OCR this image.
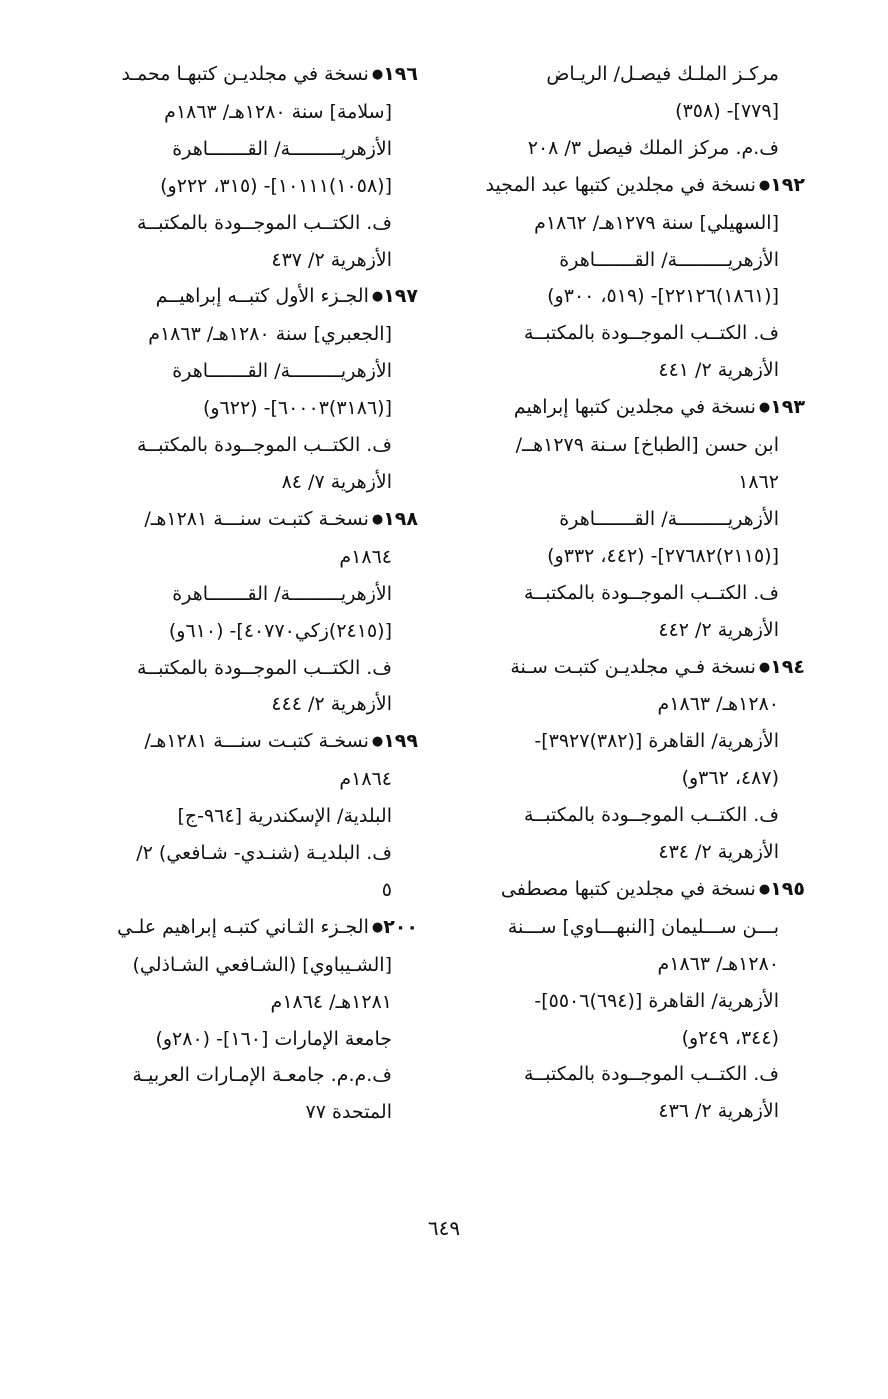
مركـز الملـك فيصـل/ الريـاض
[٧٧٩]- (٣٥٨)
ف.م. مركز الملك فيصل ٣/ ٢٠٨
١٩٢●نسخة في مجلدين كتبها عبد المجيد
[السهيلي] سنة ١٢٧٩هـ/ ١٨٦٢م
الأزهريـــــــــة/ القـــــــاهرة
[(١٨٦١)٢٢١٢٦]- (٥١٩، ٣٠٠و)
ف. الكتــب الموجــودة بالمكتبــة
الأزهرية ٢/ ٤٤١
١٩٣●نسخة في مجلدين كتبها إبراهيم
ابن حسن [الطباخ] سـنة ١٢٧٩هــ/
١٨٦٢
الأزهريـــــــــة/ القـــــــاهرة
[(٢١١٥)٢٧٦٨٢]- (٤٤٢، ٣٣٢و)
ف. الكتــب الموجــودة بالمكتبــة
الأزهرية ٢/ ٤٤٢
١٩٤●نسخة فـي مجلديـن كتبـت سـنة
١٢٨٠هـ/ ١٨٦٣م
الأزهرية/ القاهرة [(٣٨٢)٣٩٢٧]-
(٤٨٧، ٣٦٢و)
ف. الكتــب الموجــودة بالمكتبــة
الأزهرية ٢/ ٤٣٤
١٩٥●نسخة في مجلدين كتبها مصطفى
بـــن ســـليمان [النبهـــاوي] ســـنة
١٢٨٠هـ/ ١٨٦٣م
الأزهرية/ القاهرة [(٦٩٤)٥٥٠٦]-
(٣٤٤، ٢٤٩و)
ف. الكتــب الموجــودة بالمكتبــة
الأزهرية ٢/ ٤٣٦
١٩٦●نسخة في مجلديـن كتبهـا محمـد
[سلامة] سنة ١٢٨٠هـ/ ١٨٦٣م
الأزهريـــــــــة/ القـــــــاهرة
[(١٠٥٨)١٠١١١]- (٣١٥، ٢٢٢و)
ف. الكتــب الموجــودة بالمكتبــة
الأزهرية ٢/ ٤٣٧
١٩٧●الجـزء الأول كتبــه إبراهيــم
[الجعبري] سنة ١٢٨٠هـ/ ١٨٦٣م
الأزهريـــــــــة/ القـــــــاهرة
[(٣١٨٦)٦٠٠٠٣]- (٦٢٢و)
ف. الكتــب الموجــودة بالمكتبــة
الأزهرية ٧/ ٨٤
١٩٨●نسخـة كتبـت سنـــة ١٢٨١هـ/
١٨٦٤م
الأزهريـــــــــة/ القـــــــاهرة
[(٢٤١٥)زكي٤٠٧٧٠]- (٦١٠و)
ف. الكتــب الموجــودة بالمكتبــة
الأزهرية ٢/ ٤٤٤
١٩٩●نسخـة كتبـت سنـــة ١٢٨١هـ/
١٨٦٤م
البلدية/ الإسكندرية [٩٦٤-ج]
ف. البلديـة (شنـدي- شـافعي) ٢/
٥
٢٠٠●الجـزء الثـاني كتبـه إبراهيم علـي
[الشـيباوي] (الشـافعي الشـاذلي)
١٢٨١هـ/ ١٨٦٤م
جامعة الإمارات [١٦٠]- (٢٨٠و)
ف.م.م. جامعـة الإمـارات العربيـة
المتحدة ٧٧
٦٤٩
